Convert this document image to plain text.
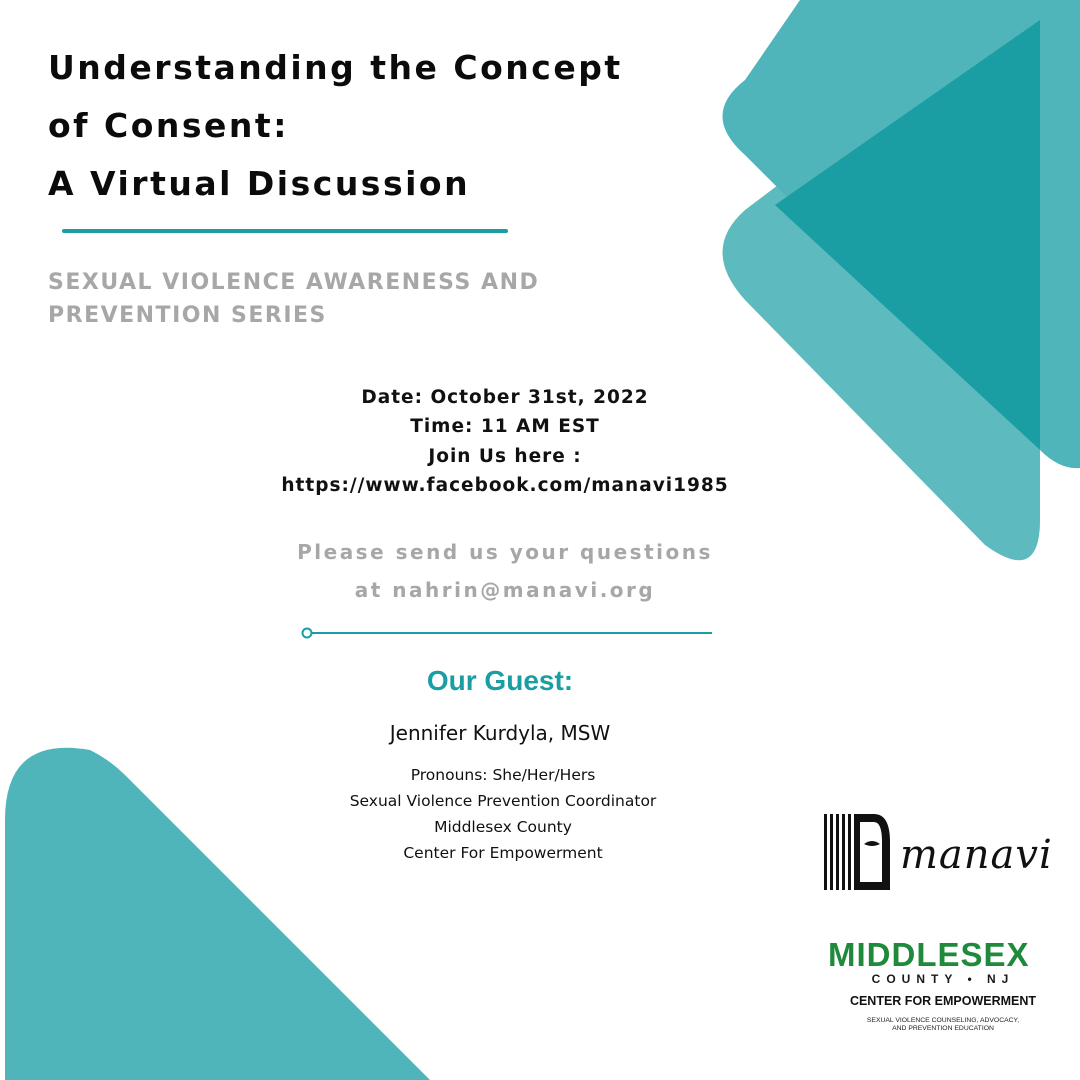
Understanding the Concept
of Consent:
A Virtual Discussion
SEXUAL VIOLENCE AWARENESS AND
PREVENTION SERIES
Date: October 31st, 2022
Time: 11 AM EST
Join Us here :
https://www.facebook.com/manavi1985
Please send us your questions
at nahrin@manavi.org
Our Guest:
Jennifer Kurdyla, MSW
Pronouns: She/Her/Hers
Sexual Violence Prevention Coordinator
Middlesex County
Center For Empowerment	manavi
MIDDLESEX
COUNTY • NJ
CENTER FOR EMPOWERMENT
SEXUAL VIOLENCE COUNSELING, ADVOCACY,
AND PREVENTION EDUCATION
